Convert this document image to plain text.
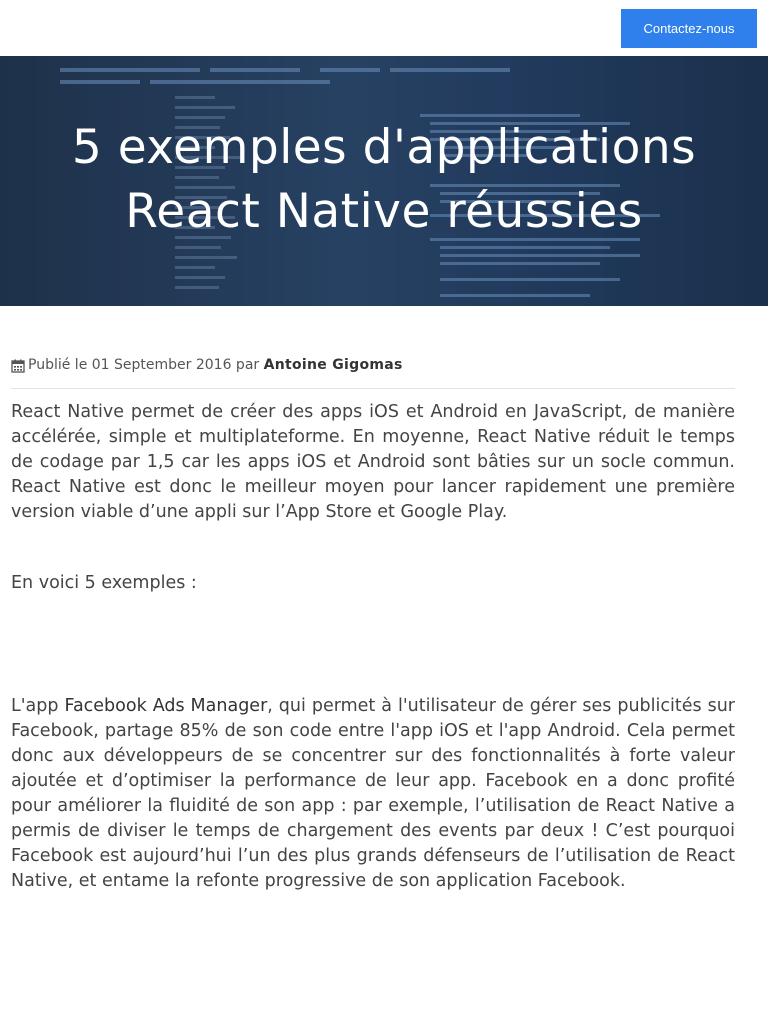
Contactez-nous
5 exemples d'applications React Native réussies
Publié le 01 September 2016 par
Antoine Gigomas

React Native permet de créer des apps iOS et Android en JavaScript, de manière accélérée, simple et multiplateforme. En moyenne, React Native réduit le temps de codage par 1,5 car les apps iOS et Android sont bâties sur un socle commun. React Native est donc le meilleur moyen pour lancer rapidement une première version viable d’une appli sur l’App Store et Google Play.

En voici 5 exemples :

L'app Facebook Ads Manager, qui permet à l'utilisateur de gérer ses publicités sur Facebook, partage 85% de son code entre l'app iOS et l'app Android. Cela permet donc aux développeurs de se concentrer sur des fonctionnalités à forte valeur ajoutée et d’optimiser la performance de leur app. Facebook en a donc profité pour améliorer la fluidité de son app : par exemple, l’utilisation de React Native a permis de diviser le temps de chargement des events par deux ! C’est pourquoi Facebook est aujourd’hui l’un des plus grands défenseurs de l’utilisation de React Native, et entame la refonte progressive de son application Facebook.
